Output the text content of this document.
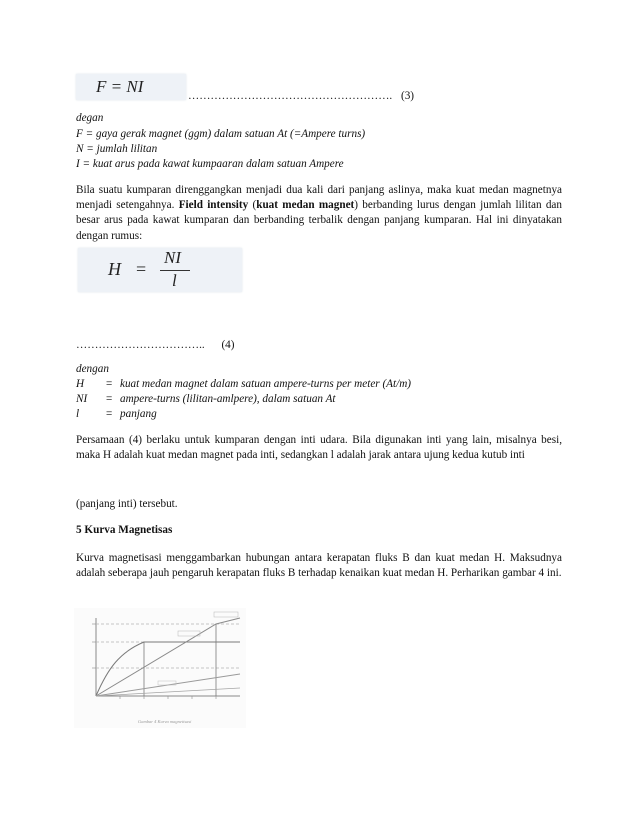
F = NI	………………………………………………. (3)
degan
F = gaya gerak magnet (ggm) dalam satuan At (=Ampere turns)
N = jumlah lilitan
I = kuat arus pada kawat kumpaaran dalam satuan Ampere
Bila suatu kumparan direnggangkan menjadi dua kali dari panjang aslinya, maka kuat medan magnetnya menjadi setengahnya. Field intensity (kuat medan magnet) berbanding lurus dengan jumlah lilitan dan besar arus pada kawat kumparan dan berbanding terbalik dengan panjang kumparan. Hal ini dinyatakan dengan rumus:
H =
NI
l
…………………………….. (4)
dengan
H = kuat medan magnet dalam satuan ampere-turns per meter (At/m)
NI = ampere-turns (lilitan-amlpere), dalam satuan At
l = panjang
Persamaan (4) berlaku untuk kumparan dengan inti udara. Bila digunakan inti yang lain, misalnya besi, maka H adalah kuat medan magnet pada inti, sedangkan l adalah jarak antara ujung kedua kutub inti
(panjang inti) tersebut.
5 Kurva Magnetisas
Kurva magnetisasi menggambarkan hubungan antara kerapatan fluks B dan kuat medan H. Maksudnya adalah seberapa jauh pengaruh kerapatan fluks B terhadap kenaikan kuat medan H. Perharikan gambar 4 ini.
Gambar 4 Kurva magnetisasi
